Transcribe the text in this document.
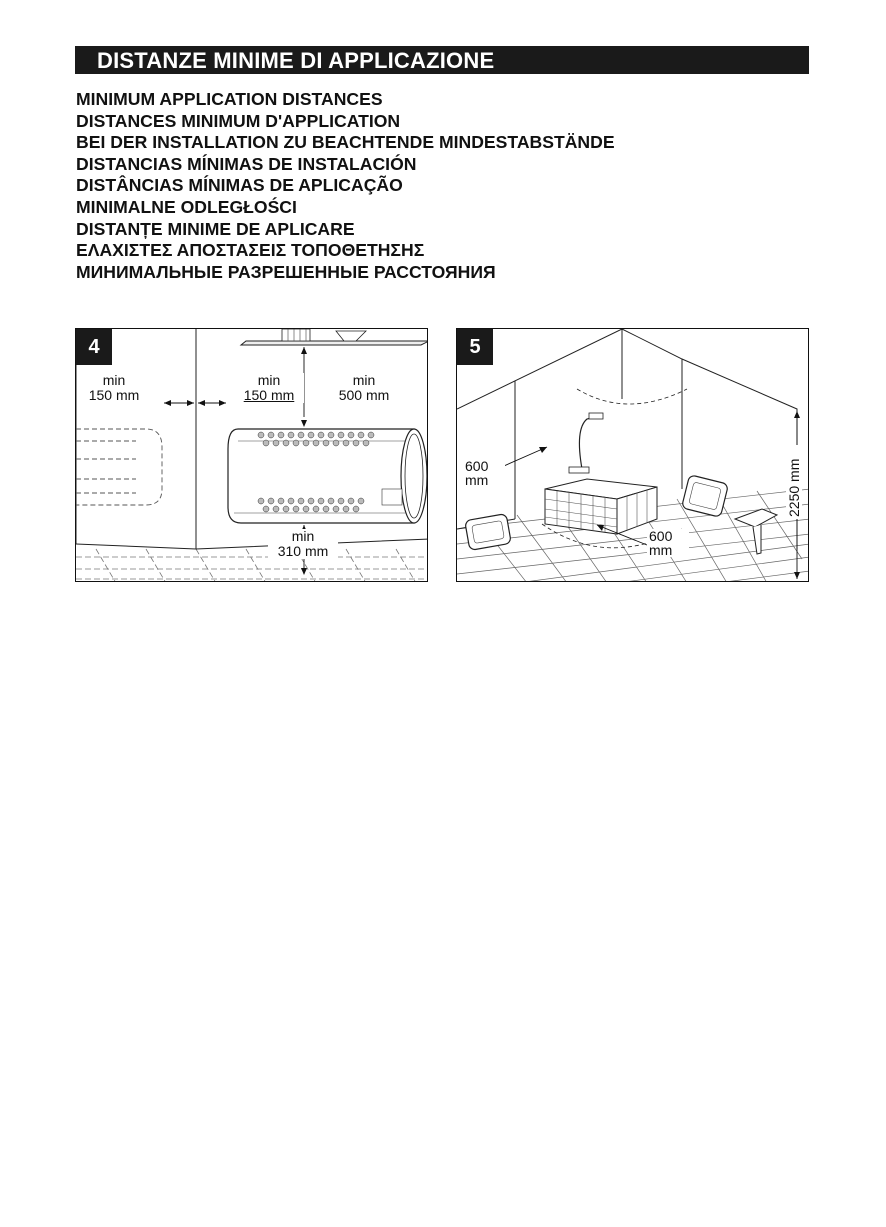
DISTANZE MINIME DI APPLICAZIONE
MINIMUM APPLICATION DISTANCES
DISTANCES MINIMUM D'APPLICATION
BEI DER INSTALLATION ZU BEACHTENDE MINDESTABSTÄNDE
DISTANCIAS MÍNIMAS DE INSTALACIÓN
DISTÂNCIAS MÍNIMAS DE APLICAÇÃO
MINIMALNE ODLEGŁOŚCI
DISTANȚE MINIME DE APLICARE
ΕΛΑΧΙΣΤΕΣ ΑΠΟΣΤΑΣΕΙΣ ΤΟΠΟΘΕΤΗΣΗΣ
МИНИМАЛЬНЫЕ РАЗРЕШЕННЫЕ РАССТОЯНИЯ
4
min
150 mm
min
150 mm
min
500 mm
min
310 mm
5
600
mm
600
mm
2250 mm
